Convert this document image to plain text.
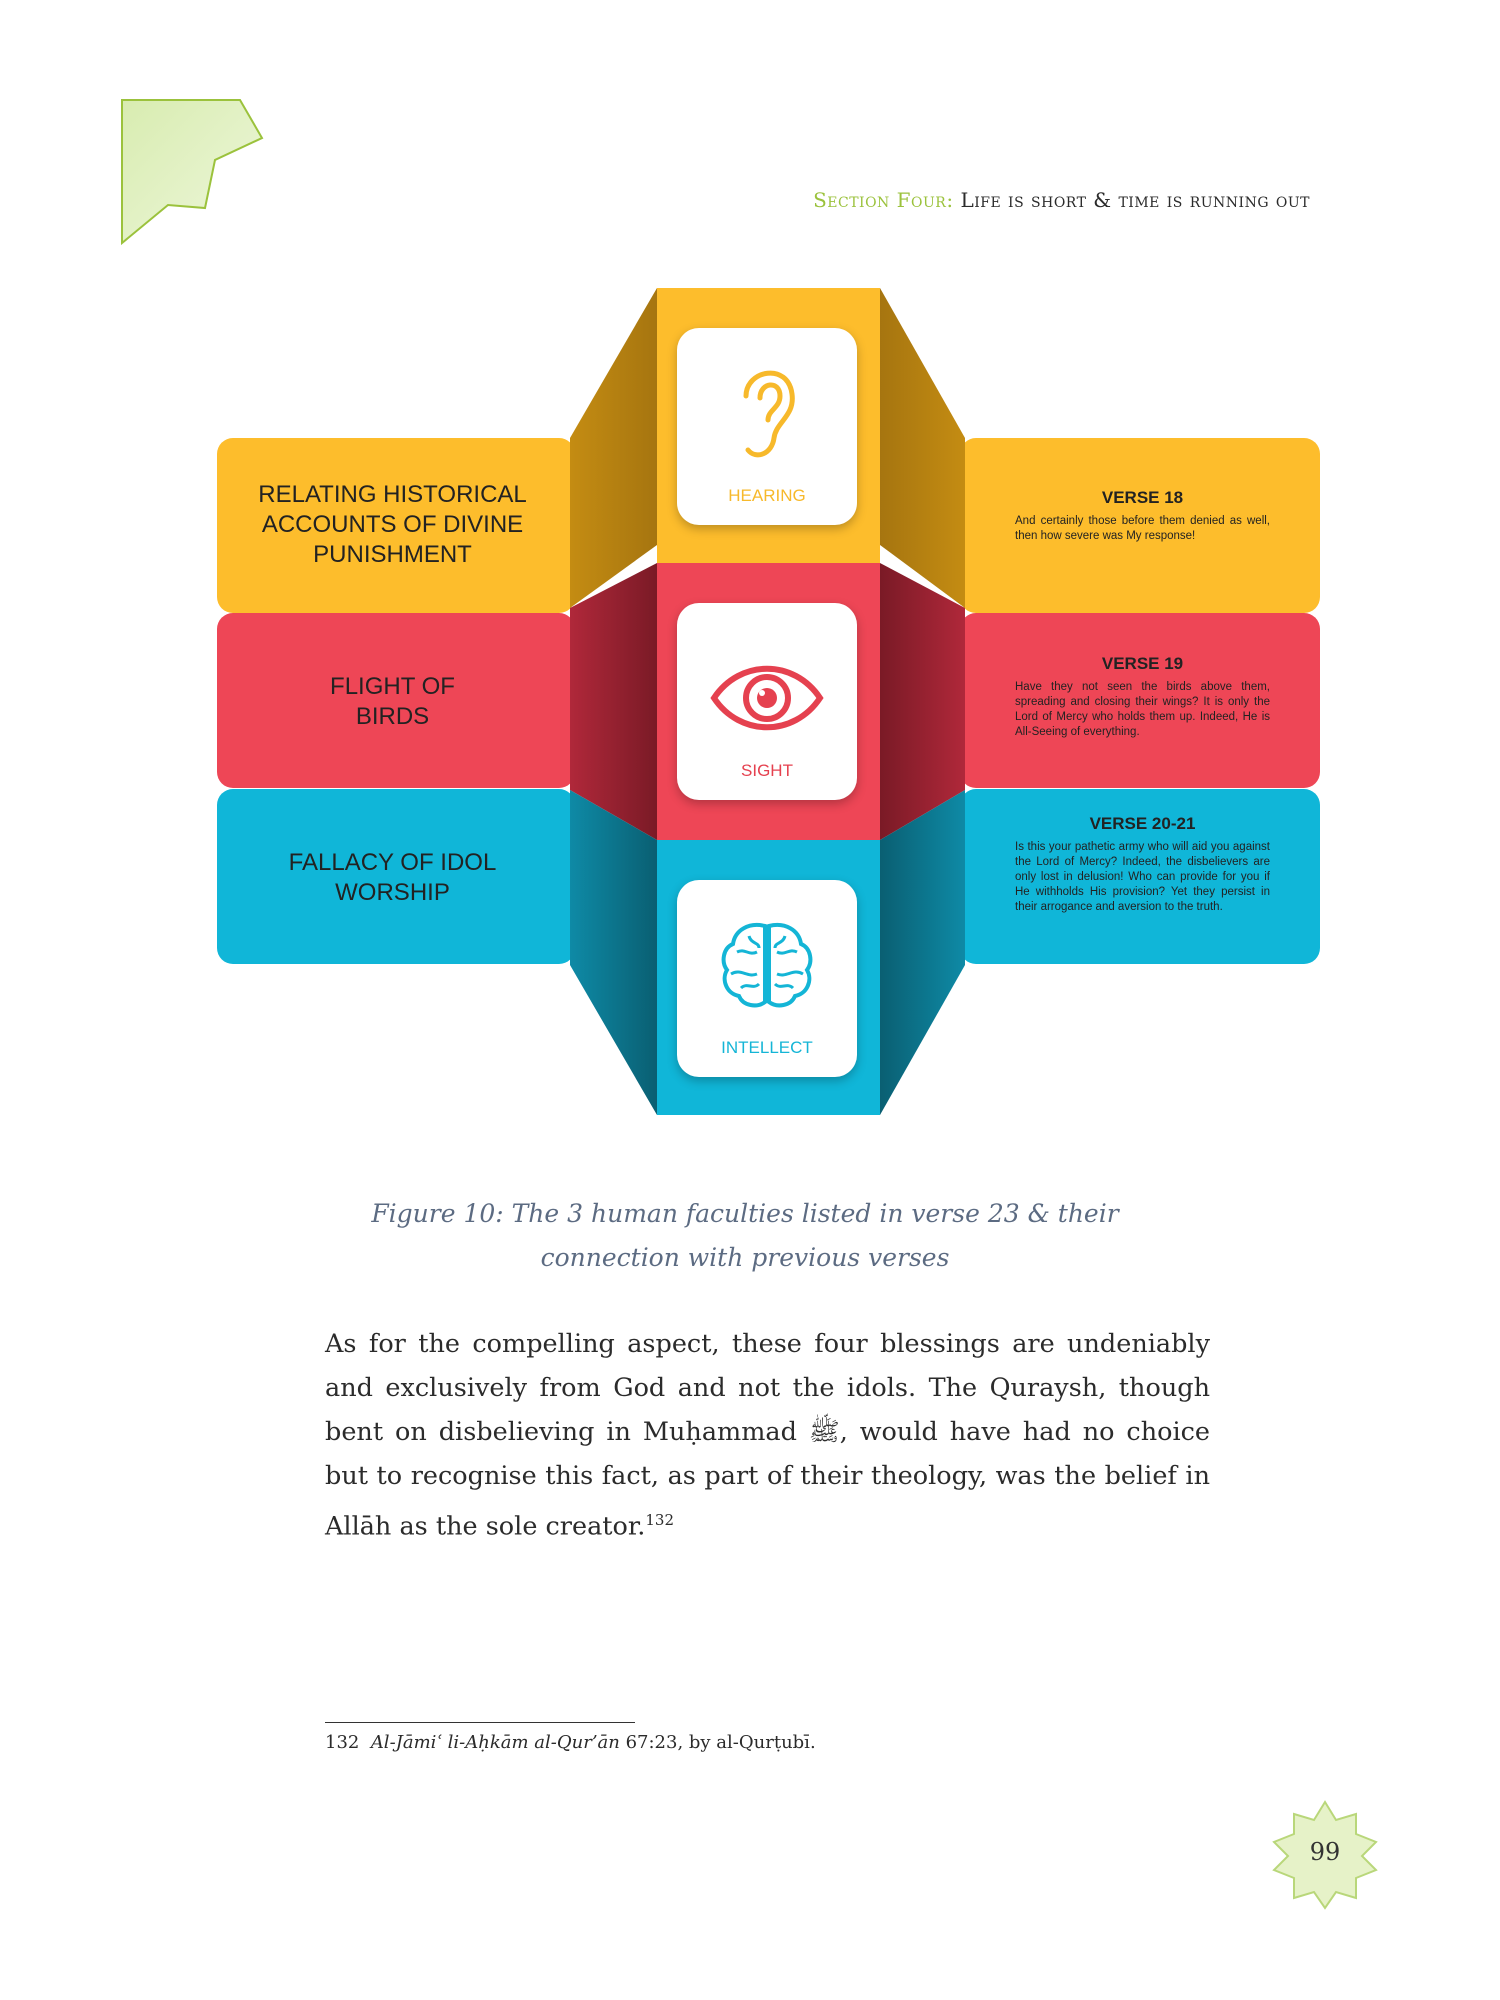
Section Four: Life is short & time is running out
RELATING HISTORICAL ACCOUNTS OF DIVINE PUNISHMENT
FLIGHT OF BIRDS
FALLACY OF IDOL WORSHIP
VERSE 18
And certainly those before them denied as well, then how severe was My response!
VERSE 19
Have they not seen the birds above them, spreading and closing their wings? It is only the Lord of Mercy who holds them up. Indeed, He is All-Seeing of everything.
VERSE 20-21
Is this your pathetic army who will aid you against the Lord of Mercy? Indeed, the disbelievers are only lost in delusion! Who can provide for you if He withholds His provision? Yet they persist in their arrogance and aversion to the truth.
HEARING
SIGHT
INTELLECT
Figure 10: The 3 human faculties listed in verse 23 & their connection with previous verses
As for the compelling aspect, these four blessings are undeniably and exclusively from God and not the idols. The Quraysh, though bent on disbelieving in Muḥammad ﷺ, would have had no choice but to recognise this fact, as part of their theology, was the belief in Allāh as the sole creator.$^{132}$
132 Al-Jāmiʿ li-Aḥkām al-Qur’ān 67:23, by al-Qurṭubī.
99
